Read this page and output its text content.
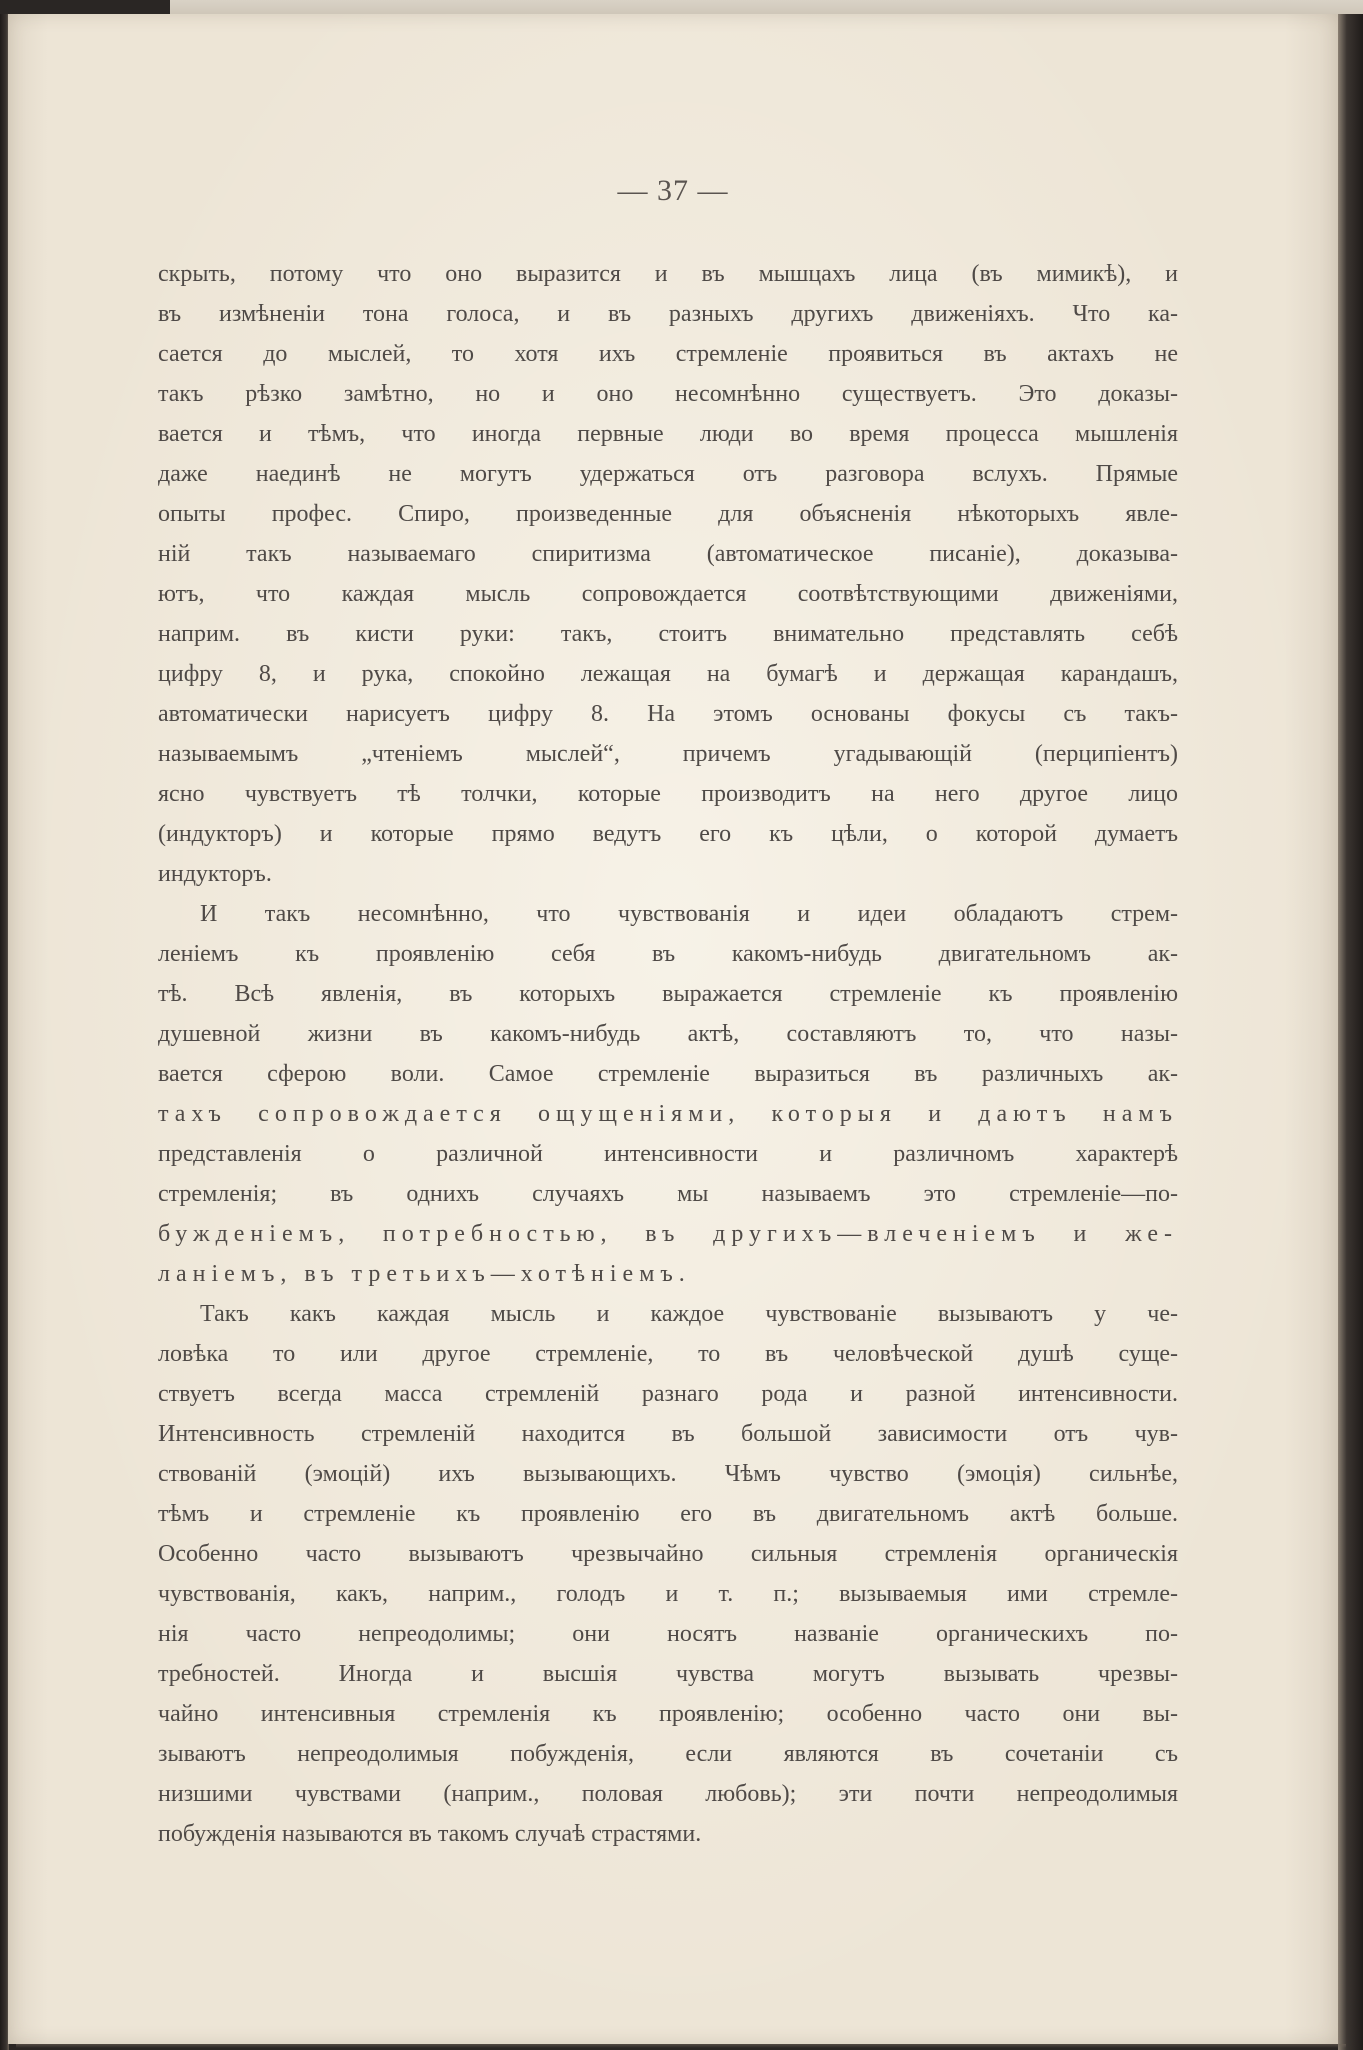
— 37 —
скрыть, потому что оно выразится и въ мышцахъ лица (въ мимикѣ), и
въ измѣненіи тона голоса, и въ разныхъ другихъ движеніяхъ. Что ка-
сается до мыслей, то хотя ихъ стремленіе проявиться въ актахъ не
такъ рѣзко замѣтно, но и оно несомнѣнно существуетъ. Это доказы-
вается и тѣмъ, что иногда первные люди во время процесса мышленія
даже наединѣ не могутъ удержаться отъ разговора вслухъ. Прямые
опыты профес. Спиро, произведенные для объясненія нѣкоторыхъ явле-
ній такъ называемаго спиритизма (автоматическое писаніе), доказыва-
ютъ, что каждая мысль сопровождается соотвѣтствующими движеніями,
наприм. въ кисти руки: такъ, стоитъ внимательно представлять себѣ
цифру 8, и рука, спокойно лежащая на бумагѣ и держащая карандашъ,
автоматически нарисуетъ цифру 8. На этомъ основаны фокусы съ такъ-
называемымъ „чтеніемъ мыслей“, причемъ угадывающій (перципіентъ)
ясно чувствуетъ тѣ толчки, которые производитъ на него другое лицо
(индукторъ) и которые прямо ведутъ его къ цѣли, о которой думаетъ
индукторъ.
И такъ несомнѣнно, что чувствованія и идеи обладаютъ стрем-
леніемъ къ проявленію себя въ какомъ-нибудь двигательномъ ак-
тѣ. Всѣ явленія, въ которыхъ выражается стремленіе къ проявленію
душевной жизни въ какомъ-нибудь актѣ, составляютъ то, что назы-
вается сферою воли. Самое стремленіе выразиться въ различныхъ ак-
тахъ сопровождается ощущеніями, которыя и даютъ намъ
представленія о различной интенсивности и различномъ характерѣ
стремленія; въ однихъ случаяхъ мы называемъ это стремленіе—по-
бужденіемъ, потребностью, въ другихъ—влеченіемъ и же-
ланіемъ, въ третьихъ—хотѣніемъ.
Такъ какъ каждая мысль и каждое чувствованіе вызываютъ у че-
ловѣка то или другое стремленіе, то въ человѣческой душѣ суще-
ствуетъ всегда масса стремленій разнаго рода и разной интенсивности.
Интенсивность стремленій находится въ большой зависимости отъ чув-
ствованій (эмоцій) ихъ вызывающихъ. Чѣмъ чувство (эмоція) сильнѣе,
тѣмъ и стремленіе къ проявленію его въ двигательномъ актѣ больше.
Особенно часто вызываютъ чрезвычайно сильныя стремленія органическія
чувствованія, какъ, наприм., голодъ и т. п.; вызываемыя ими стремле-
нія часто непреодолимы; они носятъ названіе органическихъ по-
требностей. Иногда и высшія чувства могутъ вызывать чрезвы-
чайно интенсивныя стремленія къ проявленію; особенно часто они вы-
зываютъ непреодолимыя побужденія, если являются въ сочетаніи съ
низшими чувствами (наприм., половая любовь); эти почти непреодолимыя
побужденія называются въ такомъ случаѣ страстями.
